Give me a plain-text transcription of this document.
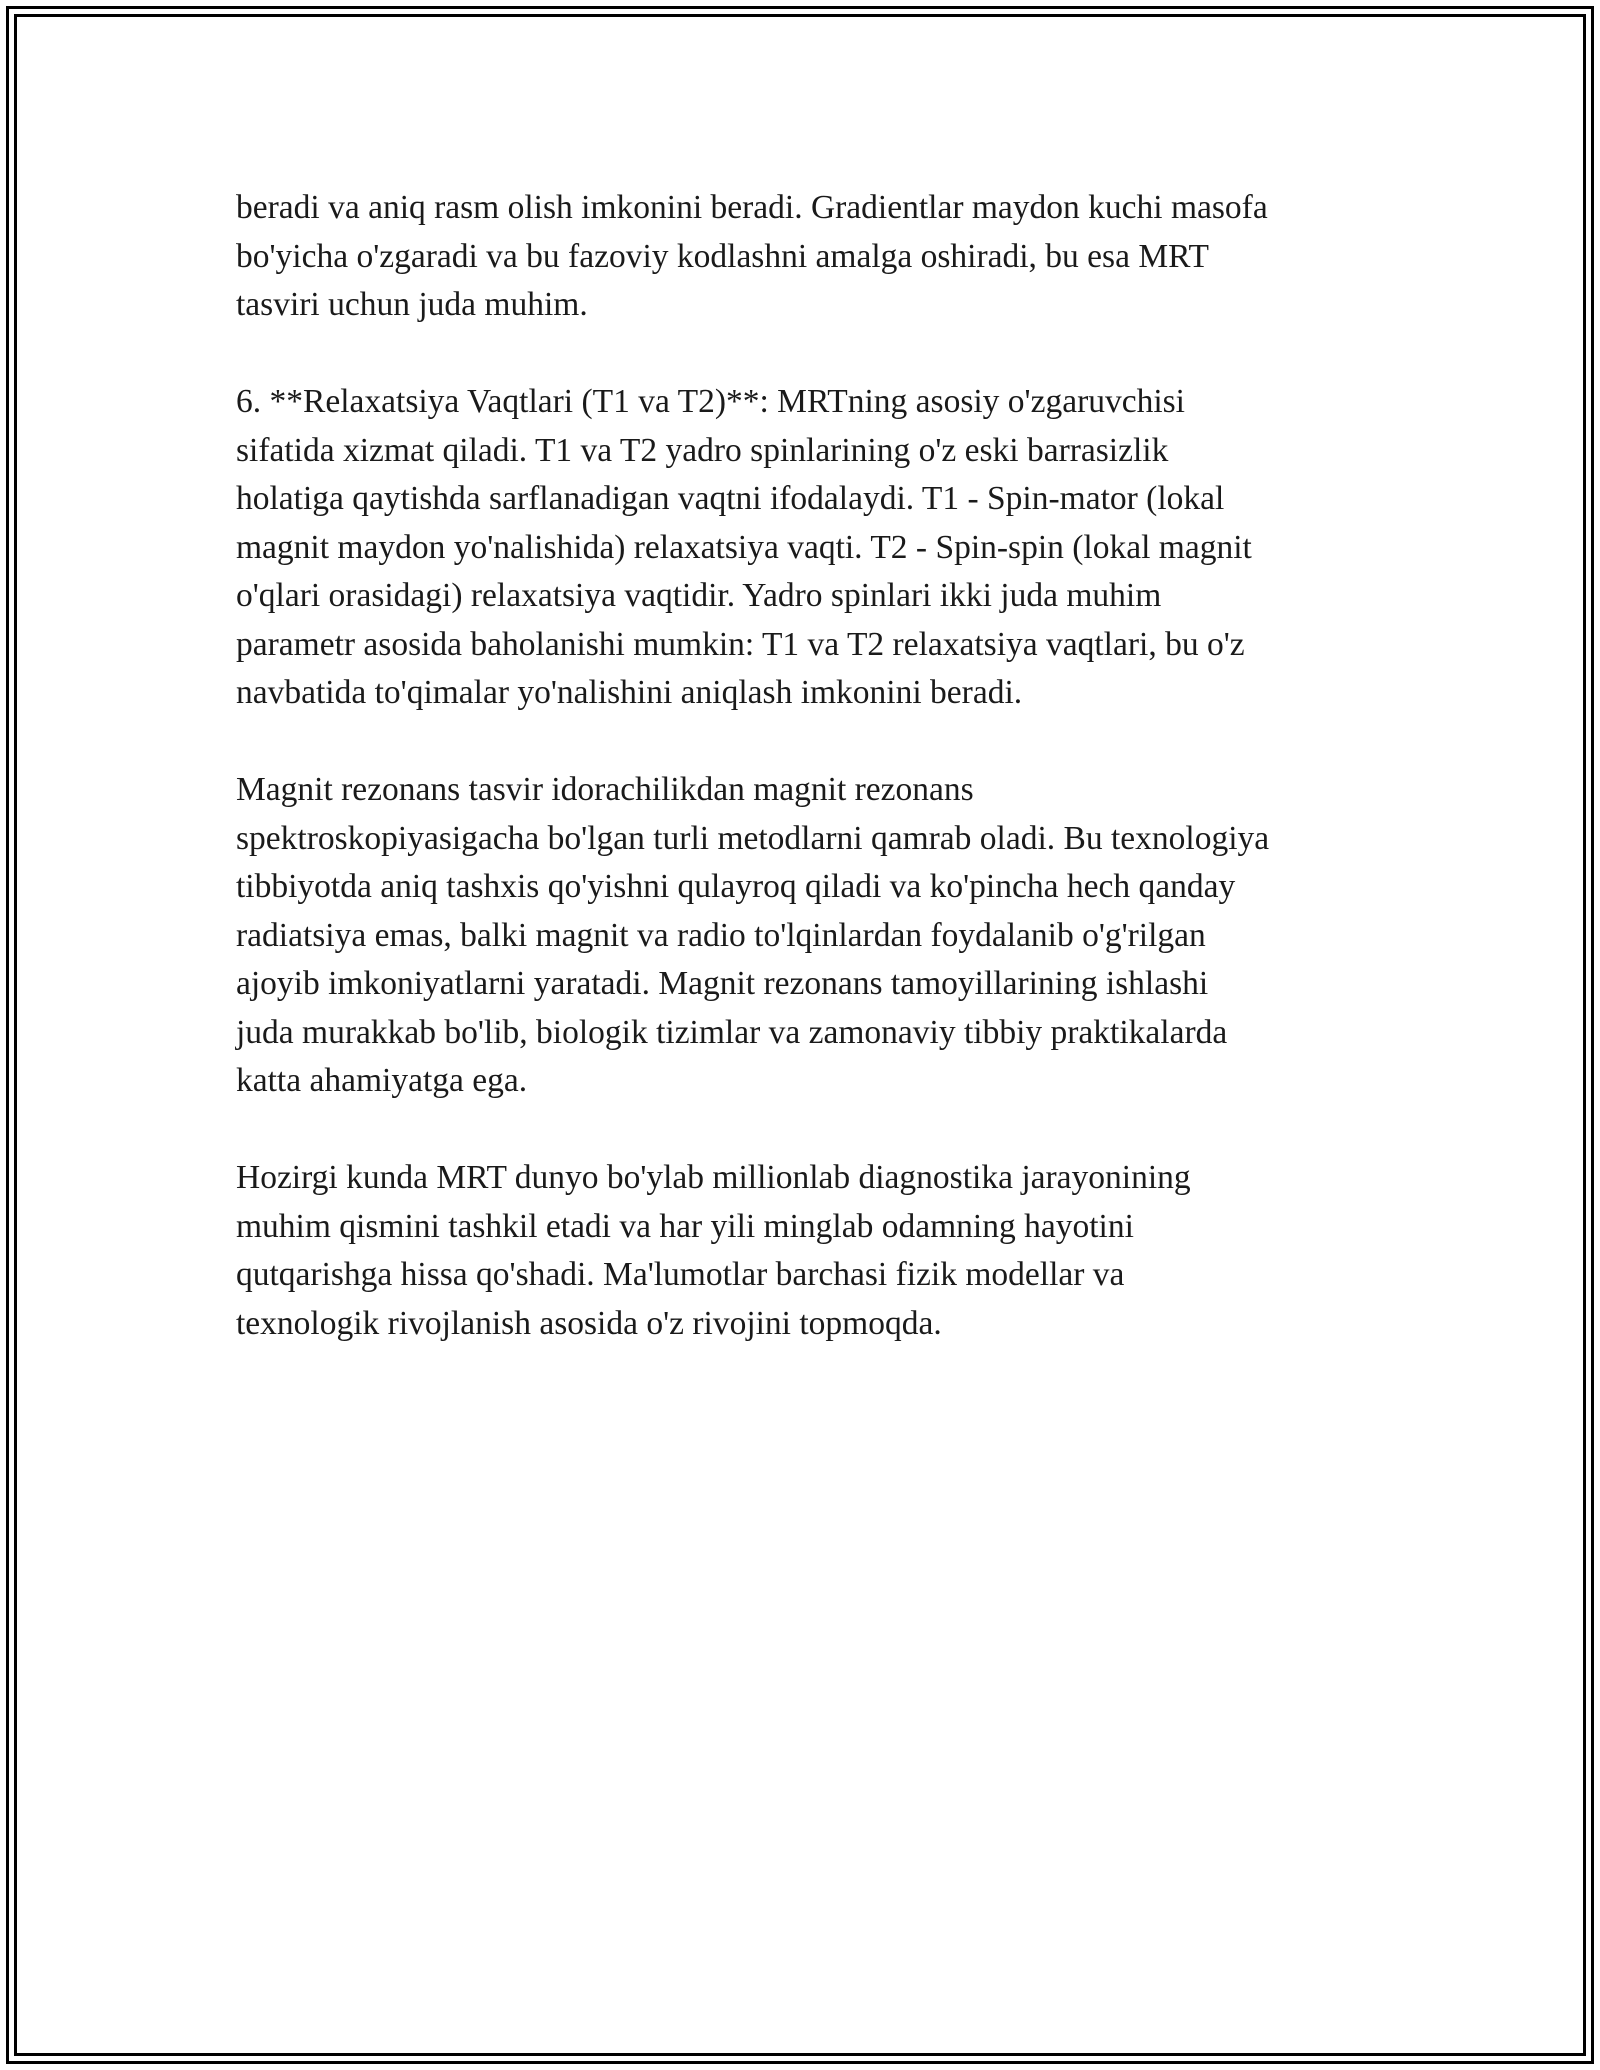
beradi va aniq rasm olish imkonini beradi. Gradientlar maydon kuchi masofa
bo'yicha o'zgaradi va bu fazoviy kodlashni amalga oshiradi, bu esa MRT
tasviri uchun juda muhim.

6. **Relaxatsiya Vaqtlari (T1 va T2)**: MRTning asosiy o'zgaruvchisi
sifatida xizmat qiladi. T1 va T2 yadro spinlarining o'z eski barrasizlik
holatiga qaytishda sarflanadigan vaqtni ifodalaydi. T1 - Spin-mator (lokal
magnit maydon yo'nalishida) relaxatsiya vaqti. T2 - Spin-spin (lokal magnit
o'qlari orasidagi) relaxatsiya vaqtidir. Yadro spinlari ikki juda muhim
parametr asosida baholanishi mumkin: T1 va T2 relaxatsiya vaqtlari, bu o'z
navbatida to'qimalar yo'nalishini aniqlash imkonini beradi.

Magnit rezonans tasvir idorachilikdan magnit rezonans
spektroskopiyasigacha bo'lgan turli metodlarni qamrab oladi. Bu texnologiya
tibbiyotda aniq tashxis qo'yishni qulayroq qiladi va ko'pincha hech qanday
radiatsiya emas, balki magnit va radio to'lqinlardan foydalanib o'g'rilgan
ajoyib imkoniyatlarni yaratadi. Magnit rezonans tamoyillarining ishlashi
juda murakkab bo'lib, biologik tizimlar va zamonaviy tibbiy praktikalarda
katta ahamiyatga ega.

Hozirgi kunda MRT dunyo bo'ylab millionlab diagnostika jarayonining
muhim qismini tashkil etadi va har yili minglab odamning hayotini
qutqarishga hissa qo'shadi. Ma'lumotlar barchasi fizik modellar va
texnologik rivojlanish asosida o'z rivojini topmoqda.
